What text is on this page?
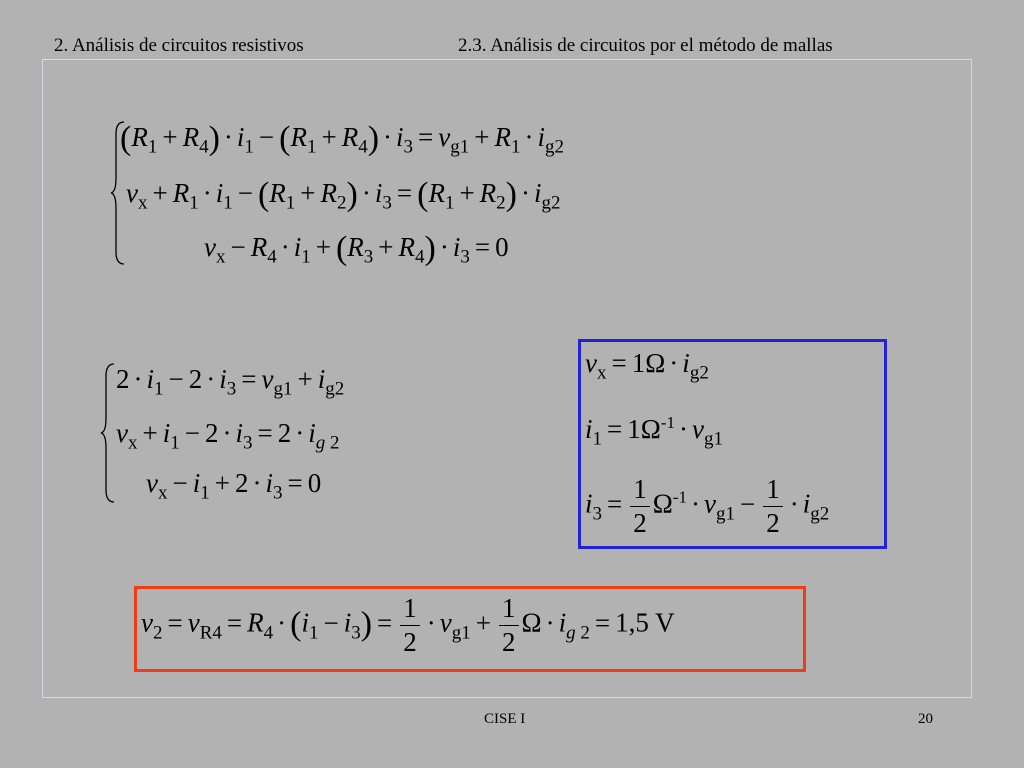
2. Análisis de circuitos resistivos	2.3. Análisis de circuitos por el método de mallas
$(R_1 + R_4) \cdot i_1 - (R_1 + R_4) \cdot i_3 = v_{g1} + R_1 \cdot i_{g2}$
$v_x + R_1 \cdot i_1 - (R_1 + R_2) \cdot i_3 = (R_1 + R_2) \cdot i_{g2}$
$v_x - R_4 \cdot i_1 + (R_3 + R_4) \cdot i_3 = 0$
$2 \cdot i_1 - 2 \cdot i_3 = v_{g1} + i_{g2}$
$v_x + i_1 - 2 \cdot i_3 = 2 \cdot i_{g 2}$
$v_x - i_1 + 2 \cdot i_3 = 0$
$v_x = 1\Omega \cdot i_{g2}$
$i_1 = 1\Omega^{-1} \cdot v_{g1}$
$i_3 = \frac{1}{2} \Omega^{-1} \cdot v_{g1} - \frac{1}{2} \cdot i_{g2}$
$v_2 = v_{R4} = R_4 \cdot (i_1 - i_3) = \frac{1}{2} \cdot v_{g1} + \frac{1}{2}$ $\Omega \cdot i_{g 2} = 1,5$ V
CISE I	20
